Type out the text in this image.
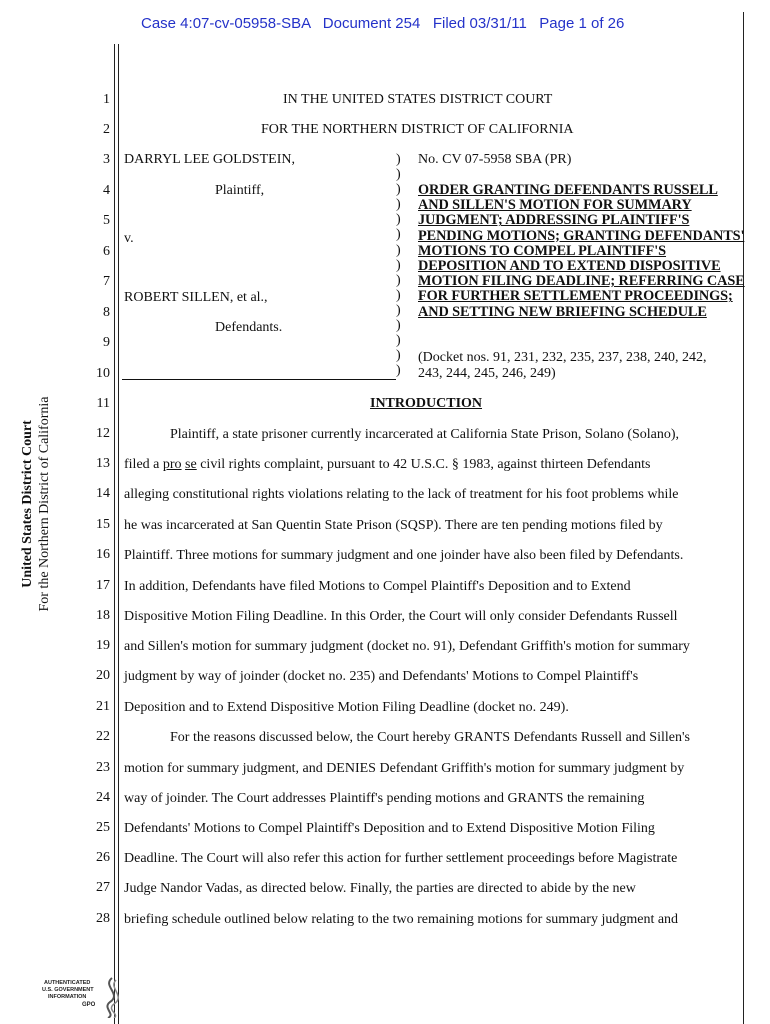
Case 4:07-cv-05958-SBA   Document 254   Filed 03/31/11   Page 1 of 26
1
2
3
4
5
6
7
8
9
10
11
12
13
14
15
16
17
18
19
20
21
22
23
24
25
26
27
28
IN THE UNITED STATES DISTRICT COURT
FOR THE NORTHERN DISTRICT OF CALIFORNIA
DARRYL LEE GOLDSTEIN,
Plaintiff,
v.
ROBERT SILLEN, et al.,
Defendants.
)
)
)
)
)
)
)
)
)
)
)
)
)
)
)
No. CV 07-5958 SBA (PR)
ORDER GRANTING DEFENDANTS RUSSELL AND SILLEN'S MOTION FOR SUMMARY JUDGMENT; ADDRESSING PLAINTIFF'S PENDING MOTIONS; GRANTING DEFENDANTS' MOTIONS TO COMPEL PLAINTIFF'S DEPOSITION AND TO EXTEND DISPOSITIVE MOTION FILING DEADLINE; REFERRING CASE FOR FURTHER SETTLEMENT PROCEEDINGS; AND SETTING NEW BRIEFING SCHEDULE
(Docket nos. 91, 231, 232, 235, 237, 238, 240, 242,
243, 244, 245, 246, 249)
INTRODUCTION
Plaintiff, a state prisoner currently incarcerated at California State Prison, Solano (Solano),
filed a pro se civil rights complaint, pursuant to 42 U.S.C. § 1983, against thirteen Defendants
alleging constitutional rights violations relating to the lack of treatment for his foot problems while
he was incarcerated at San Quentin State Prison (SQSP). There are ten pending motions filed by
Plaintiff. Three motions for summary judgment and one joinder have also been filed by Defendants.
In addition, Defendants have filed Motions to Compel Plaintiff's Deposition and to Extend
Dispositive Motion Filing Deadline. In this Order, the Court will only consider Defendants Russell
and Sillen's motion for summary judgment (docket no. 91), Defendant Griffith's motion for summary
judgment by way of joinder (docket no. 235) and Defendants' Motions to Compel Plaintiff's
Deposition and to Extend Dispositive Motion Filing Deadline (docket no. 249).
For the reasons discussed below, the Court hereby GRANTS Defendants Russell and Sillen's
motion for summary judgment, and DENIES Defendant Griffith's motion for summary judgment by
way of joinder. The Court addresses Plaintiff's pending motions and GRANTS the remaining
Defendants' Motions to Compel Plaintiff's Deposition and to Extend Dispositive Motion Filing
Deadline. The Court will also refer this action for further settlement proceedings before Magistrate
Judge Nandor Vadas, as directed below. Finally, the parties are directed to abide by the new
briefing schedule outlined below relating to the two remaining motions for summary judgment and
United States District Court For the Northern District of California
AUTHENTICATED
U.S. GOVERNMENT
INFORMATION
GPO
